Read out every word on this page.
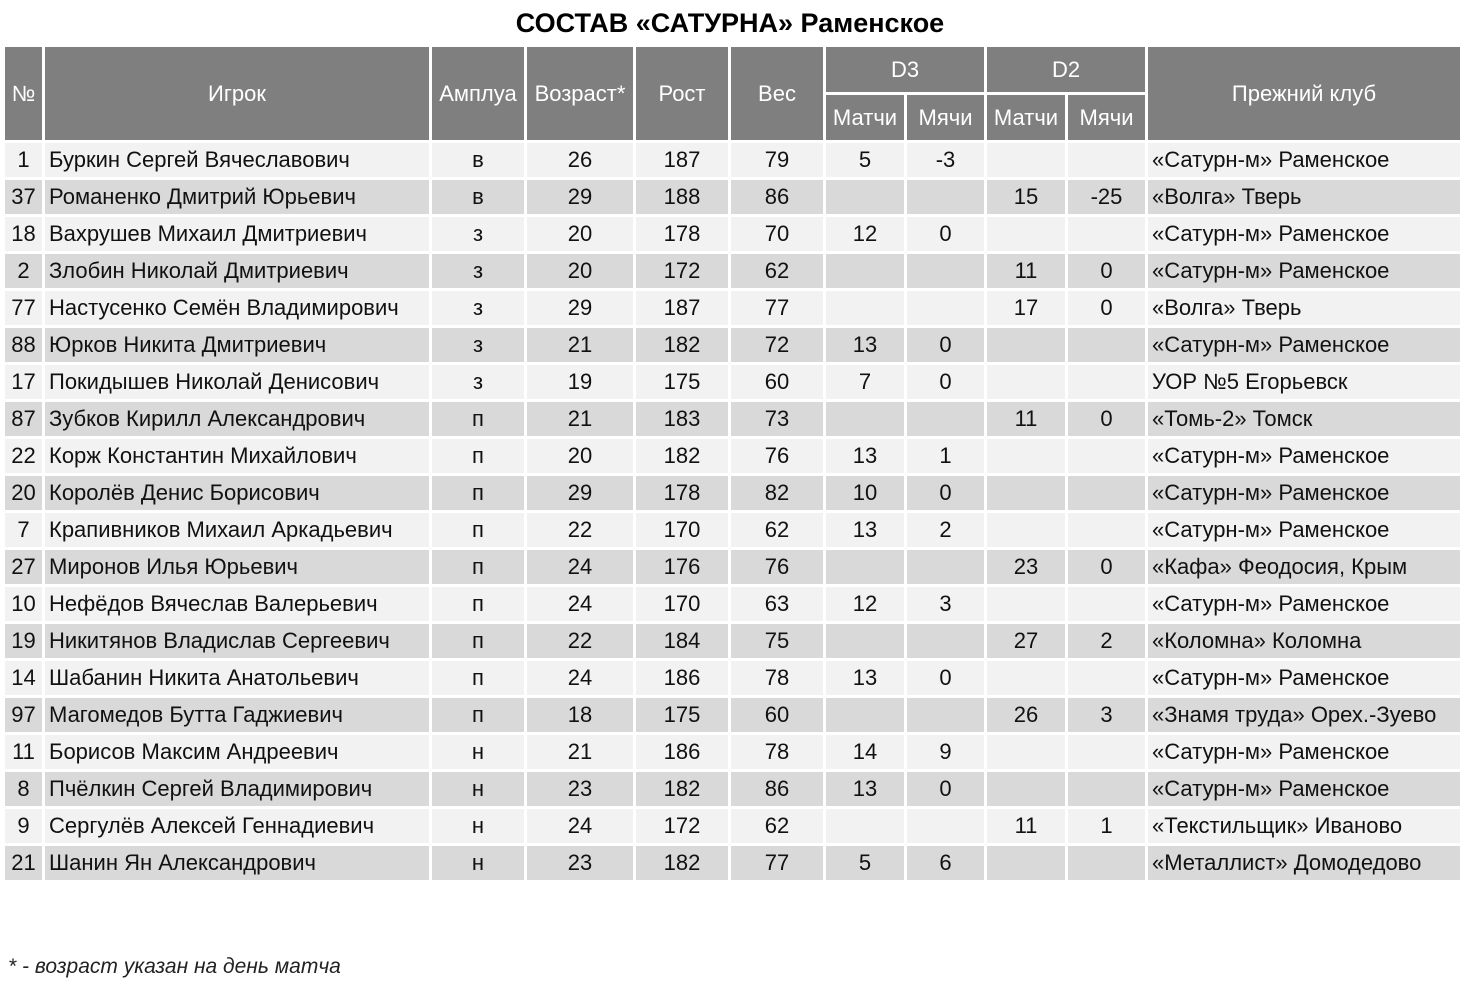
СОСТАВ «САТУРНА» Раменское
№	Игрок	Амплуа	Возраст*	Рост	Вес	D3		D2		Прежний клуб
						Матчи	Мячи	Матчи	Мячи	
1	Буркин Сергей Вячеславович	в	26	187	79	5	-3			«Сатурн-м» Раменское
37	Романенко Дмитрий Юрьевич	в	29	188	86			15	-25	«Волга» Тверь
18	Вахрушев Михаил Дмитриевич	з	20	178	70	12	0			«Сатурн-м» Раменское
2	Злобин Николай Дмитриевич	з	20	172	62			11	0	«Сатурн-м» Раменское
77	Настусенко Семён Владимирович	з	29	187	77			17	0	«Волга» Тверь
88	Юрков Никита Дмитриевич	з	21	182	72	13	0			«Сатурн-м» Раменское
17	Покидышев Николай Денисович	з	19	175	60	7	0			УОР №5 Егорьевск
87	Зубков Кирилл Александрович	п	21	183	73			11	0	«Томь-2» Томск
22	Корж Константин Михайлович	п	20	182	76	13	1			«Сатурн-м» Раменское
20	Королёв Денис Борисович	п	29	178	82	10	0			«Сатурн-м» Раменское
7	Крапивников Михаил Аркадьевич	п	22	170	62	13	2			«Сатурн-м» Раменское
27	Миронов Илья Юрьевич	п	24	176	76			23	0	«Кафа» Феодосия, Крым
10	Нефёдов Вячеслав Валерьевич	п	24	170	63	12	3			«Сатурн-м» Раменское
19	Никитянов Владислав Сергеевич	п	22	184	75			27	2	«Коломна» Коломна
14	Шабанин Никита Анатольевич	п	24	186	78	13	0			«Сатурн-м» Раменское
97	Магомедов Бутта Гаджиевич	п	18	175	60			26	3	«Знамя труда» Орех.-Зуево
11	Борисов Максим Андреевич	н	21	186	78	14	9			«Сатурн-м» Раменское
8	Пчёлкин Сергей Владимирович	н	23	182	86	13	0			«Сатурн-м» Раменское
9	Сергулёв Алексей Геннадиевич	н	24	172	62			11	1	«Текстильщик» Иваново
21	Шанин Ян Александрович	н	23	182	77	5	6			«Металлист» Домодедово
* - возраст указан на день матча
